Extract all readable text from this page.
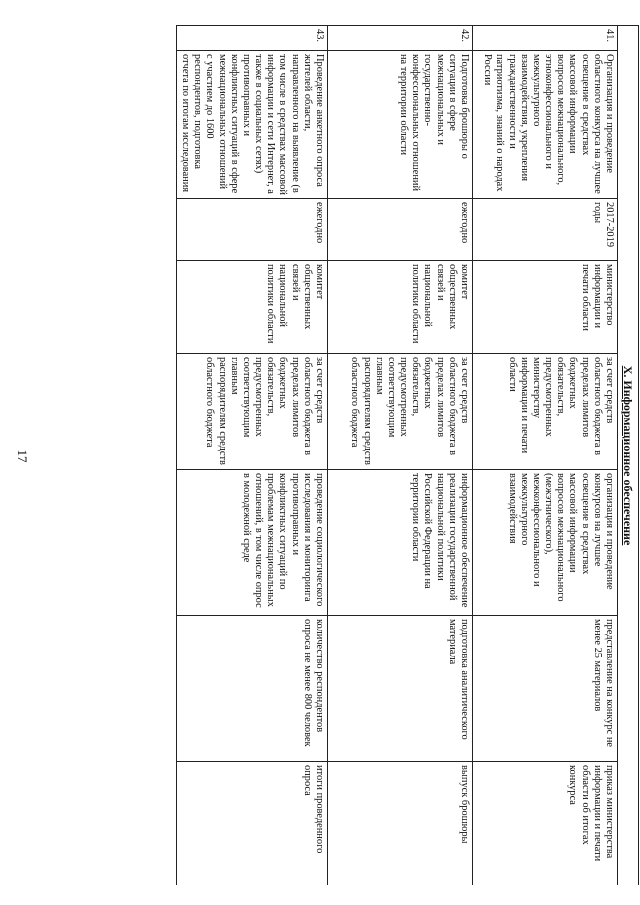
17	X. Информационное обеспечение							
41.	Организация и проведение областного конкурса на лучшее освещение в средствах массовой информации вопросов межнационального, этноконфессионального и межкультурного взаимодействия, укрепления гражданственности и патриотизма, знаний о народах России	2017-2019 годы	министерство информации и печати области	за счет средств областного бюджета в пределах лимитов бюджетных обязательств, предусмотренных министерству информации и печати области	организация и проведение конкурсов на лучшее освещение в средствах массовой информации вопросов межнационального (межэтнического), межконфессионального и межкультурного взаимодействия	представление на конкурс не менее 25 материалов	приказ министерства информации и печати области об итогах конкурса
42.	Подготовка брошюры о ситуации в сфере межнациональных и государственно-конфессиональных отношений на территории области	ежегодно	комитет общественных связей и национальной политики области	за счет средств областного бюджета в пределах лимитов бюджетных обязательств, предусмотренных соответствующим главным распорядителям средств областного бюджета	информационное обеспечение реализации государственной национальной политики Российской Федерации на территории области	подготовка аналитического материала	выпуск брошюры
43.	Проведение анкетного опроса жителей области, направленного на выявление (в том числе в средствах массовой информации и сети Интернет, а также в социальных сетях) противоправных и конфликтных ситуаций в сфере межнациональных отношений с участием до 1600 респондентов, подготовка отчета по итогам исследования	ежегодно	комитет общественных связей и национальной политики области	за счет средств областного бюджета в пределах лимитов бюджетных обязательств, предусмотренных соответствующим главным распорядителям средств областного бюджета	проведение социологического исследования и мониторинга противоправных и конфликтных ситуаций по проблемам межнациональных отношений, в том числе опрос в молодежной среде	количество респондентов опроса не менее 800 человек	итоги проведенного опроса
